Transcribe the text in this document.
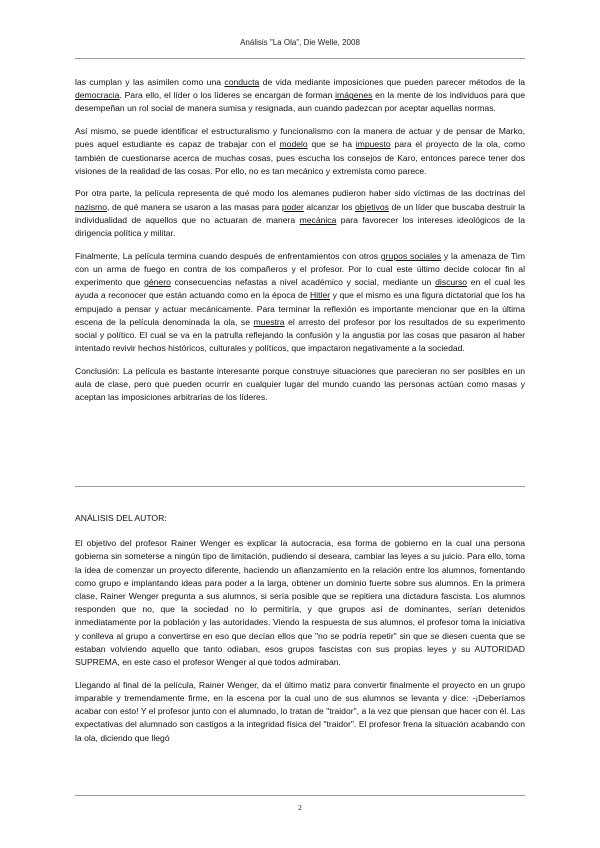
Análisis "La Ola", Die Welle, 2008

las cumplan y las asimilen como una conducta de vida mediante imposiciones que pueden parecer métodos de la democracia. Para ello, el líder o los líderes se encargan de forman imágenes en la mente de los individuos para que desempeñan un rol social de manera sumisa y resignada, aun cuando padezcan por aceptar aquellas normas.

Así mismo, se puede identificar el estructuralismo y funcionalismo con la manera de actuar y de pensar de Marko, pues aquel estudiante es capaz de trabajar con el modelo que se ha impuesto para el proyecto de la ola, como también de cuestionarse acerca de muchas cosas, pues escucha los consejos de Karo, entonces parece tener dos visiones de la realidad de las cosas. Por ello, no es tan mecánico y extremista como parece.

Por otra parte, la película representa de qué modo los alemanes pudieron haber sido víctimas de las doctrinas del nazismo, de qué manera se usaron a las masas para poder alcanzar los objetivos de un líder que buscaba destruir la individualidad de aquellos que no actuaran de manera mecánica para favorecer los intereses ideológicos de la dirigencia política y militar.

Finalmente, La película termina cuando después de enfrentamientos con otros grupos sociales y la amenaza de Tim con un arma de fuego en contra de los compañeros y el profesor. Por lo cual este último decide colocar fin al experimento que género consecuencias nefastas a nivel académico y social, mediante un discurso en el cual les ayuda a reconocer que están actuando como en la época de Hitler y que el mismo es una figura dictatorial que los ha empujado a pensar y actuar mecánicamente. Para terminar la reflexión es importante mencionar que en la última escena de la película denominada la ola, se muestra el arresto del profesor por los resultados de su experimento social y político. El cual se va en la patrulla reflejando la confusión y la angustia por las cosas que pasaron al haber intentado revivir hechos históricos, culturales y políticos, que impactaron negativamente a la sociedad.

Conclusión: La película es bastante interesante porque construye situaciones que parecieran no ser posibles en un aula de clase, pero que pueden ocurrir en cualquier lugar del mundo cuando las personas actúan como masas y aceptan las imposiciones arbitrarias de los líderes.

ANÁLISIS DEL AUTOR:

El objetivo del profesor Rainer Wenger es explicar la autocracia, esa forma de gobierno en la cual una persona gobierna sin someterse a ningún tipo de limitación, pudiendo si deseara, cambiar las leyes a su juicio. Para ello, toma la idea de comenzar un proyecto diferente, haciendo un afianzamiento en la relación entre los alumnos, fomentando como grupo e implantando ideas para poder a la larga, obtener un dominio fuerte sobre sus alumnos. En la primera clase, Rainer Wenger pregunta a sus alumnos, si sería posible que se repitiera una dictadura fascista. Los alumnos responden que no, que la sociedad no lo permitiría, y que grupos así de dominantes, serían detenidos inmediatamente por la población y las autoridades. Viendo la respuesta de sus alumnos, el profesor toma la iniciativa y conlleva al grupo a convertirse en eso que decían ellos que "no se podría repetir" sin que se diesen cuenta que se estaban volviendo aquello que tanto odiaban, esos grupos fascistas con sus propias leyes y su AUTORIDAD SUPREMA, en este caso el profesor Wenger al que todos admiraban.

Llegando al final de la película, Rainer Wenger, da el último matiz para convertir finalmente el proyecto en un grupo imparable y tremendamente firme, en la escena por la cual uno de sus alumnos se levanta y dice: -¡Deberíamos acabar con esto! Y el profesor junto con el alumnado, lo tratan de "traidor", a la vez que piensan que hacer con él. Las expectativas del alumnado son castigos a la integridad física del "traidor". El profesor frena la situación acabando con la ola, diciendo que llegó

2
